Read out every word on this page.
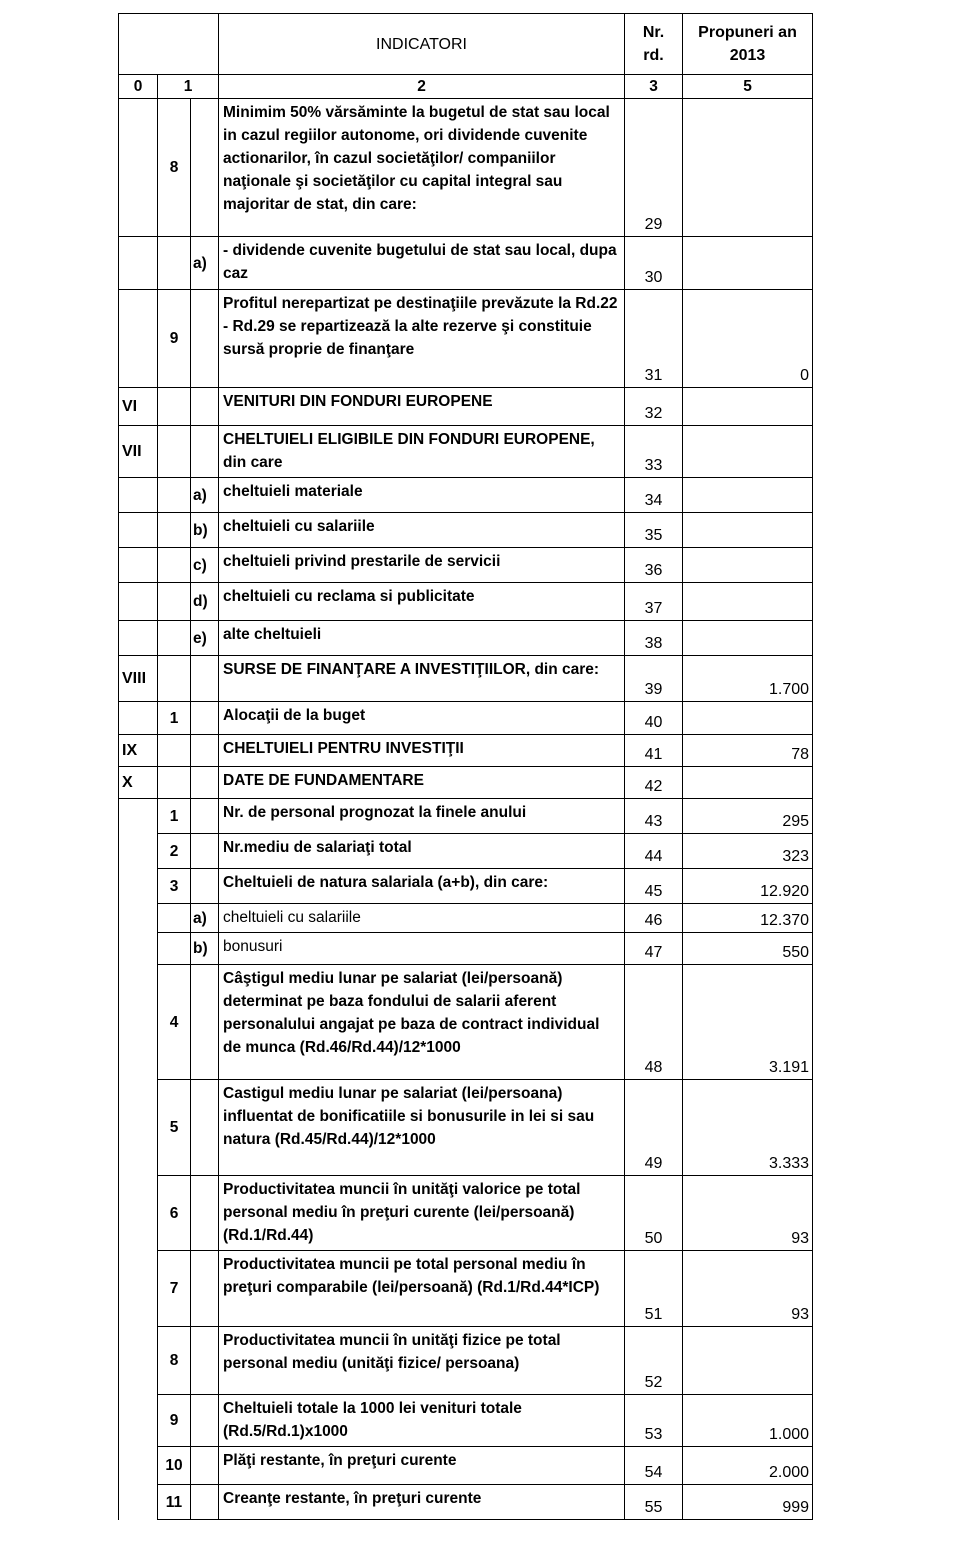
			INDICATORI	Nr. rd.	Propuneri an 2013
0	1		2	3	5
	8		Minimim 50% vărsăminte la bugetul de stat sau local in cazul regiilor autonome, ori dividende cuvenite actionarilor, în cazul societăţilor/ companiilor naţionale şi societăţilor cu capital integral sau majoritar de stat, din care:	29	
		a)	- dividende cuvenite bugetului de stat sau local, dupa caz	30	
	9		Profitul nerepartizat pe destinaţiile prevăzute la Rd.22 - Rd.29 se repartizează la alte rezerve şi constituie sursă proprie de finanţare	31	0
VI			VENITURI DIN FONDURI EUROPENE	32	
VII			CHELTUIELI ELIGIBILE DIN FONDURI EUROPENE, din care	33	
		a)	cheltuieli materiale	34	
		b)	cheltuieli cu salariile	35	
		c)	cheltuieli privind prestarile de servicii	36	
		d)	cheltuieli cu reclama si publicitate	37	
		e)	alte cheltuieli	38	
VIII			SURSE DE FINANŢARE A INVESTIŢIILOR, din care:	39	1.700
	1		Alocaţii de la buget	40	
IX			CHELTUIELI PENTRU INVESTIŢII	41	78
X			DATE DE FUNDAMENTARE	42	
	1		Nr. de personal prognozat la finele anului	43	295
	2		Nr.mediu de salariaţi total	44	323
	3		Cheltuieli de natura salariala (a+b), din care:	45	12.920
		a)	cheltuieli cu salariile	46	12.370
		b)	bonusuri	47	550
	4		Câştigul mediu lunar pe salariat (lei/persoană) determinat pe baza fondului de salarii aferent personalului angajat pe baza de contract individual de munca (Rd.46/Rd.44)/12*1000	48	3.191
	5		Castigul mediu lunar pe salariat (lei/persoana) influentat de bonificatiile si bonusurile in lei si sau natura (Rd.45/Rd.44)/12*1000	49	3.333
	6		Productivitatea muncii în unităţi valorice pe total personal mediu în preţuri curente (lei/persoană) (Rd.1/Rd.44)	50	93
	7		Productivitatea muncii pe total personal mediu în preţuri comparabile (lei/persoană) (Rd.1/Rd.44*ICP)	51	93
	8		Productivitatea muncii în unităţi fizice pe total personal mediu (unităţi fizice/ persoana)	52	
	9		Cheltuieli totale la 1000 lei venituri totale (Rd.5/Rd.1)x1000	53	1.000
	10		Plăţi restante, în preţuri curente	54	2.000
	11		Creanţe restante, în preţuri curente	55	999
